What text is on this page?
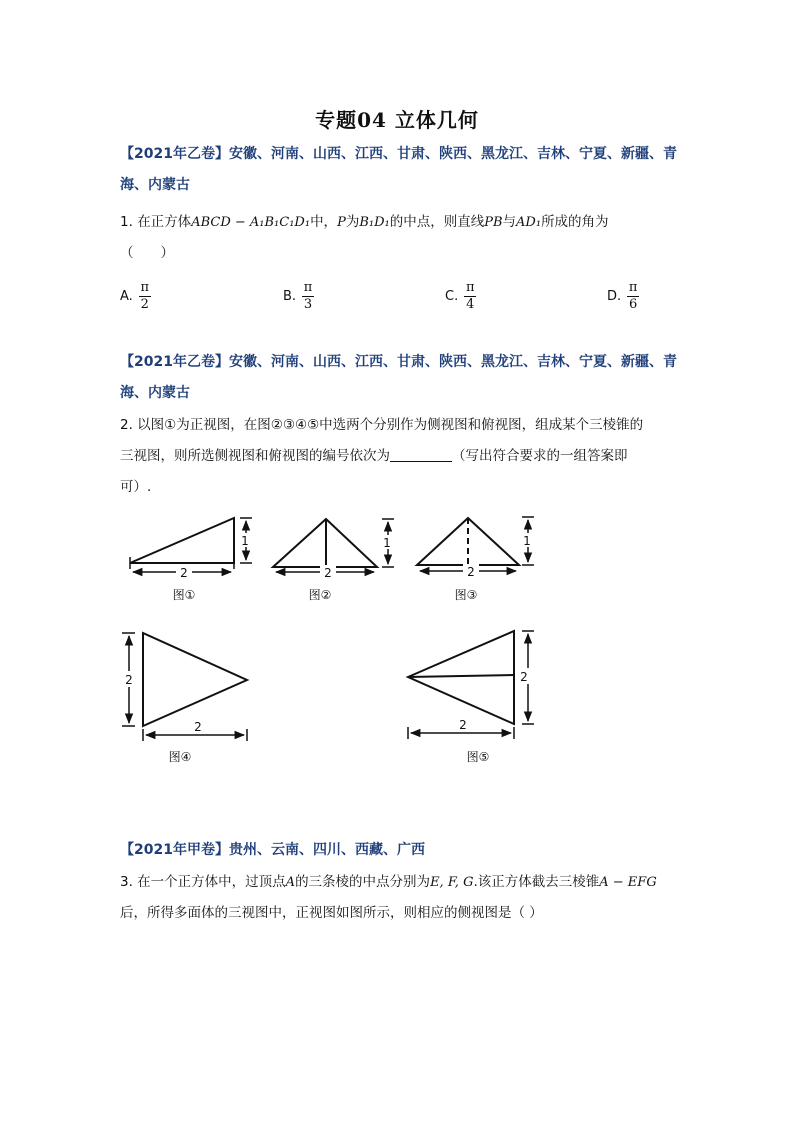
专题04 立体几何
【2021年乙卷】安徽、河南、山西、江西、甘肃、陕西、黑龙江、吉林、宁夏、新疆、青
海、内蒙古
1. 在正方体ABCD − A₁B₁C₁D₁中，P为B₁D₁的中点，则直线PB与AD₁所成的角为
（　　）
A. $\frac{\pi}{2}$	B. $\frac{\pi}{3}$	C. $\frac{\pi}{4}$	D. $\frac{\pi}{6}$
【2021年乙卷】安徽、河南、山西、江西、甘肃、陕西、黑龙江、吉林、宁夏、新疆、青
海、内蒙古
2. 以图①为正视图，在图②③④⑤中选两个分别作为侧视图和俯视图，组成某个三棱锥的
三视图，则所选侧视图和俯视图的编号依次为	（写出符合要求的一组答案即
可）.
2
1
图①
2
1
图②
2
1
图③
2
2
图④
2
2
图⑤
【2021年甲卷】贵州、云南、四川、西藏、广西
3. 在一个正方体中，过顶点A的三条棱的中点分别为E, F, G.该正方体截去三棱锥A − EFG
后，所得多面体的三视图中，正视图如图所示，则相应的侧视图是（ ）
